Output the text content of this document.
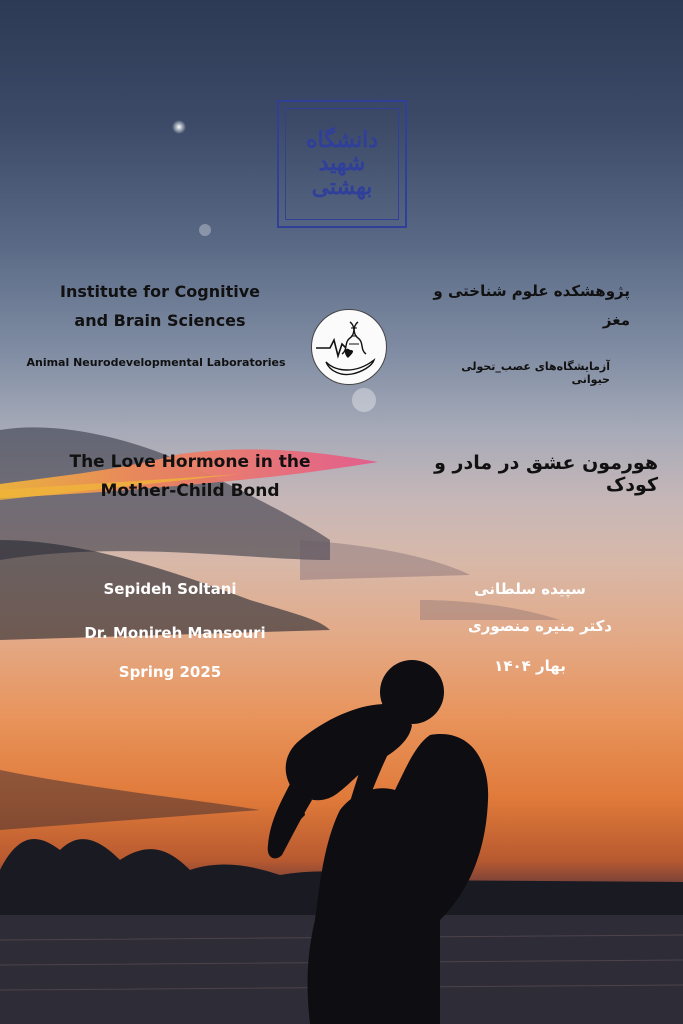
دانشگاه
شهید
بهشتی
Institute for Cognitive
and Brain Sciences
Animal Neurodevelopmental Laboratories
پژوهشکده علوم شناختی و
مغز
آزمایشگاه‌های عصب_تحولی حیوانی
The Love Hormone in the
Mother-Child Bond
هورمون عشق در مادر و کودک
Sepideh Soltani
Dr. Monireh Mansouri
Spring 2025
سپیده سلطانی
دکتر منیره منصوری
بهار ۱۴۰۴
